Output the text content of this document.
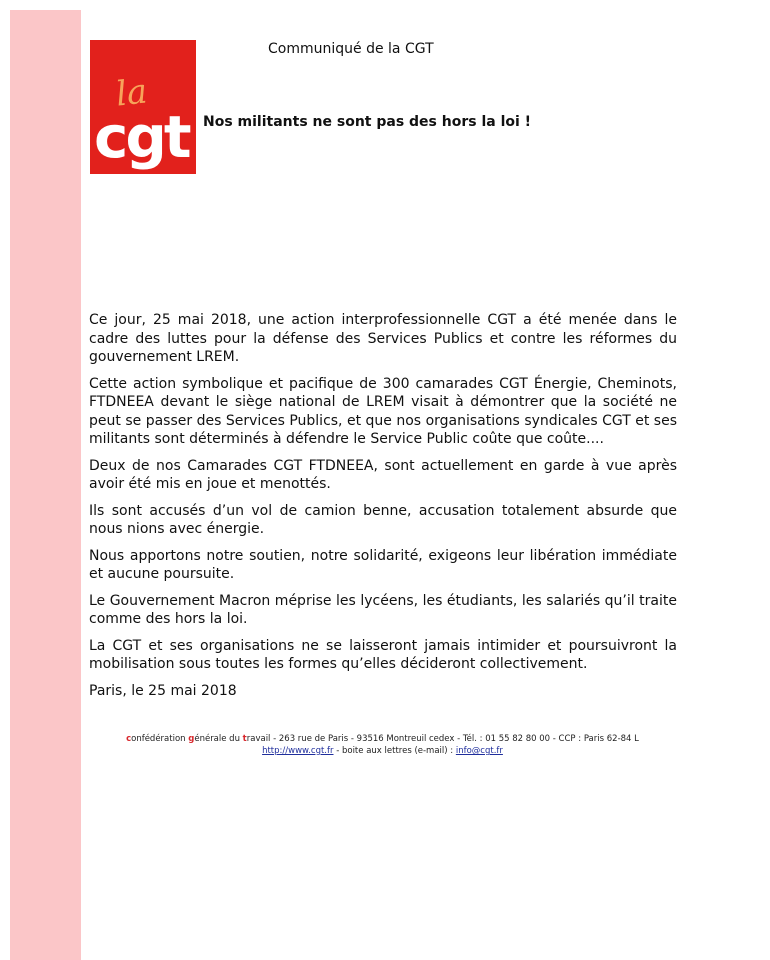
la
cgt
Communiqué de la CGT
Nos militants ne sont pas des hors la loi !

Ce jour, 25 mai 2018, une action interprofessionnelle CGT a été menée dans le cadre des luttes pour la défense des Services Publics et contre les réformes du gouvernement LREM.

Cette action symbolique et pacifique de 300 camarades CGT Énergie, Cheminots, FTDNEEA devant le siège national de LREM visait à démontrer que la société ne peut se passer des Services Publics, et que nos organisations syndicales CGT et ses militants sont déterminés à défendre le Service Public coûte que coûte....

Deux de nos Camarades CGT FTDNEEA, sont actuellement en garde à vue après avoir été mis en joue et menottés.

Ils sont accusés d’un vol de camion benne, accusation totalement absurde que nous nions avec énergie.

Nous apportons notre soutien, notre solidarité, exigeons leur libération immédiate et aucune poursuite.

Le Gouvernement Macron méprise les lycéens, les étudiants, les salariés qu’il traite comme des hors la loi.

La CGT et ses organisations ne se laisseront jamais intimider et poursuivront la mobilisation sous toutes les formes qu’elles décideront collectivement.

Paris, le 25 mai 2018

confédération générale du travail - 263 rue de Paris - 93516 Montreuil cedex - Tél. : 01 55 82 80 00 - CCP : Paris 62-84 L
http://www.cgt.fr - boite aux lettres (e-mail) : info@cgt.fr
